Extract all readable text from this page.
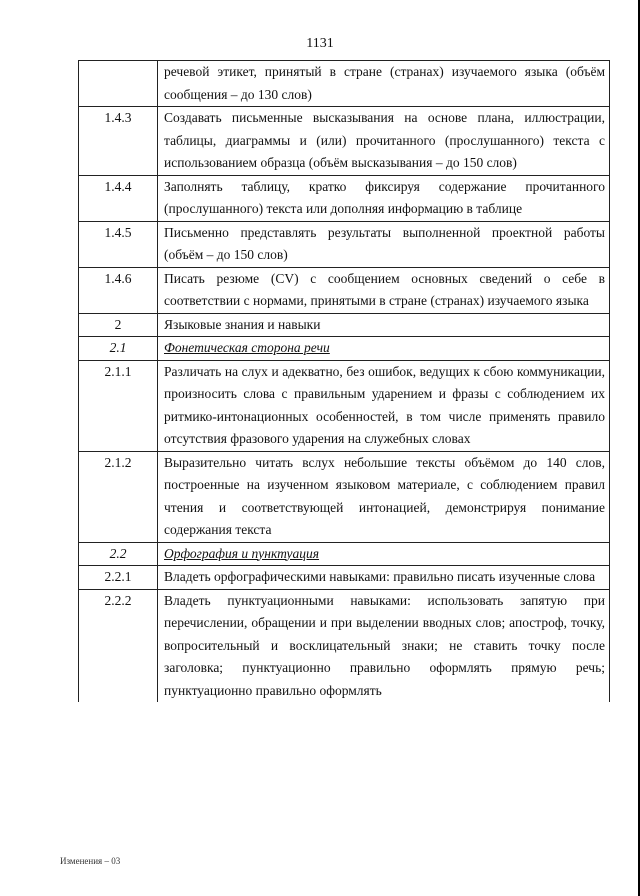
1131
	речевой этикет, принятый в стране (странах) изучаемого языка (объём сообщения – до 130 слов)
1.4.3	Создавать письменные высказывания на основе плана, иллюстрации, таблицы, диаграммы и (или) прочитанного (прослушанного) текста с использованием образца (объём высказывания – до 150 слов)
1.4.4	Заполнять таблицу, кратко фиксируя содержание прочитанного (прослушанного) текста или дополняя информацию в таблице
1.4.5	Письменно представлять результаты выполненной проектной работы (объём – до 150 слов)
1.4.6	Писать резюме (CV) с сообщением основных сведений о себе в соответствии с нормами, принятыми в стране (странах) изучаемого языка
2	Языковые знания и навыки
2.1	Фонетическая сторона речи
2.1.1	Различать на слух и адекватно, без ошибок, ведущих к сбою коммуникации, произносить слова с правильным ударением и фразы с соблюдением их ритмико-интонационных особенностей, в том числе применять правило отсутствия фразового ударения на служебных словах
2.1.2	Выразительно читать вслух небольшие тексты объёмом до 140 слов, построенные на изученном языковом материале, с соблюдением правил чтения и соответствующей интонацией, демонстрируя понимание содержания текста
2.2	Орфография и пунктуация
2.2.1	Владеть орфографическими навыками: правильно писать изученные слова
2.2.2	Владеть пунктуационными навыками: использовать запятую при перечислении, обращении и при выделении вводных слов; апостроф, точку, вопросительный и восклицательный знаки; не ставить точку после заголовка; пунктуационно правильно оформлять прямую речь; пунктуационно правильно оформлять
Изменения – 03
